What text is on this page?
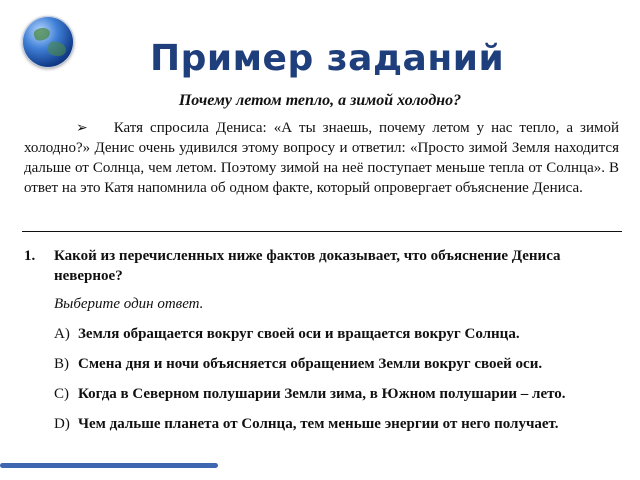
Пример заданий
Почему летом тепло, а зимой холодно?
➢ Катя спросила Дениса: «А ты знаешь, почему летом у нас тепло, а зимой холодно?» Денис очень удивился этому вопросу и ответил: «Просто зимой Земля находится дальше от Солнца, чем летом. Поэтому зимой на неё поступает меньше тепла от Солнца». В ответ на это Катя напомнила об одном факте, который опровергает объяснение Дениса.
1. Какой из перечисленных ниже фактов доказывает, что объяснение Дениса неверное?
Выберите один ответ.
A) Земля обращается вокруг своей оси и вращается вокруг Солнца.
B) Смена дня и ночи объясняется обращением Земли вокруг своей оси.
C) Когда в Северном полушарии Земли зима, в Южном полушарии – лето.
D) Чем дальше планета от Солнца, тем меньше энергии от него получает.
